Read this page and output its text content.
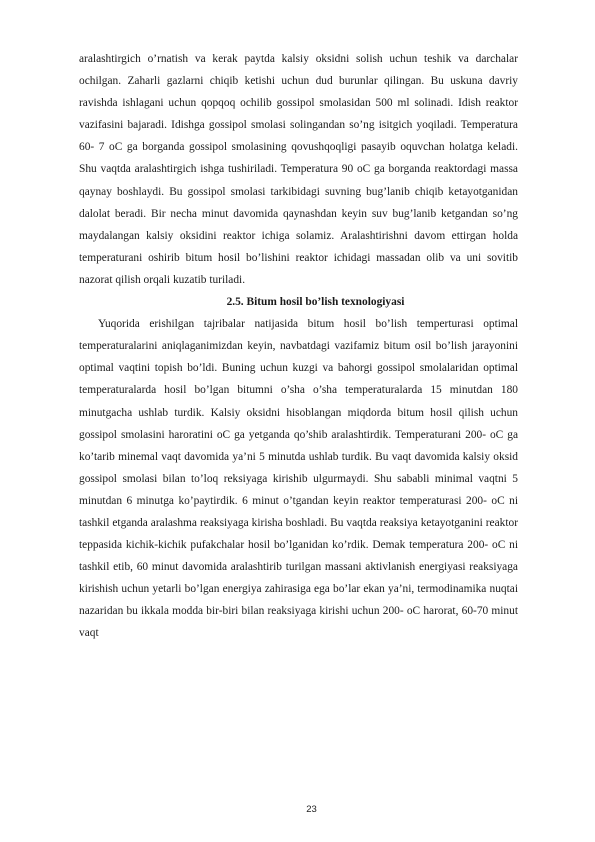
aralashtirgich o’rnatish va kerak paytda kalsiy oksidni solish uchun teshik va darchalar ochilgan. Zaharli gazlarni chiqib ketishi uchun dud burunlar qilingan. Bu uskuna davriy ravishda ishlagani uchun qopqoq ochilib gossipol smolasidan 500 ml solinadi. Idish reaktor vazifasini bajaradi. Idishga gossipol smolasi solingandan so’ng isitgich yoqiladi. Temperatura 60- 7 oC ga borganda gossipol smolasining qovushqoqligi pasayib oquvchan holatga keladi. Shu vaqtda aralashtirgich ishga tushiriladi. Temperatura 90 oC ga borganda reaktordagi massa qaynay boshlaydi. Bu gossipol smolasi tarkibidagi suvning bug’lanib chiqib ketayotganidan dalolat beradi. Bir necha minut davomida qaynashdan keyin suv bug’lanib ketgandan so’ng maydalangan kalsiy oksidini reaktor ichiga solamiz. Aralashtirishni davom ettirgan holda temperaturani oshirib bitum hosil bo’lishini reaktor ichidagi massadan olib va uni sovitib nazorat qilish orqali kuzatib turiladi.

2.5. Bitum hosil bo’lish texnologiyasi

Yuqorida erishilgan tajribalar natijasida bitum hosil bo’lish temperturasi optimal temperaturalarini aniqlaganimizdan keyin, navbatdagi vazifamiz bitum osil bo’lish jarayonini optimal vaqtini topish bo’ldi. Buning uchun kuzgi va bahorgi gossipol smolalaridan optimal temperaturalarda hosil bo’lgan bitumni o’sha o’sha temperaturalarda 15 minutdan 180 minutgacha ushlab turdik. Kalsiy oksidni hisoblangan miqdorda bitum hosil qilish uchun gossipol smolasini haroratini oC ga yetganda qo’shib aralashtirdik. Temperaturani 200- oC ga ko’tarib minemal vaqt davomida ya’ni 5 minutda ushlab turdik. Bu vaqt davomida kalsiy oksid gossipol smolasi bilan to’loq reksiyaga kirishib ulgurmaydi. Shu sababli minimal vaqtni 5 minutdan 6 minutga ko’paytirdik. 6 minut o’tgandan keyin reaktor temperaturasi 200- oC ni tashkil etganda aralashma reaksiyaga kirisha boshladi. Bu vaqtda reaksiya ketayotganini reaktor teppasida kichik-kichik pufakchalar hosil bo’lganidan ko’rdik. Demak temperatura 200- oC ni tashkil etib, 60 minut davomida aralashtirib turilgan massani aktivlanish energiyasi reaksiyaga kirishish uchun yetarli bo’lgan energiya zahirasiga ega bo’lar ekan ya’ni, termodinamika nuqtai nazaridan bu ikkala modda bir-biri bilan reaksiyaga kirishi uchun 200- oC harorat, 60-70 minut vaqt

23
